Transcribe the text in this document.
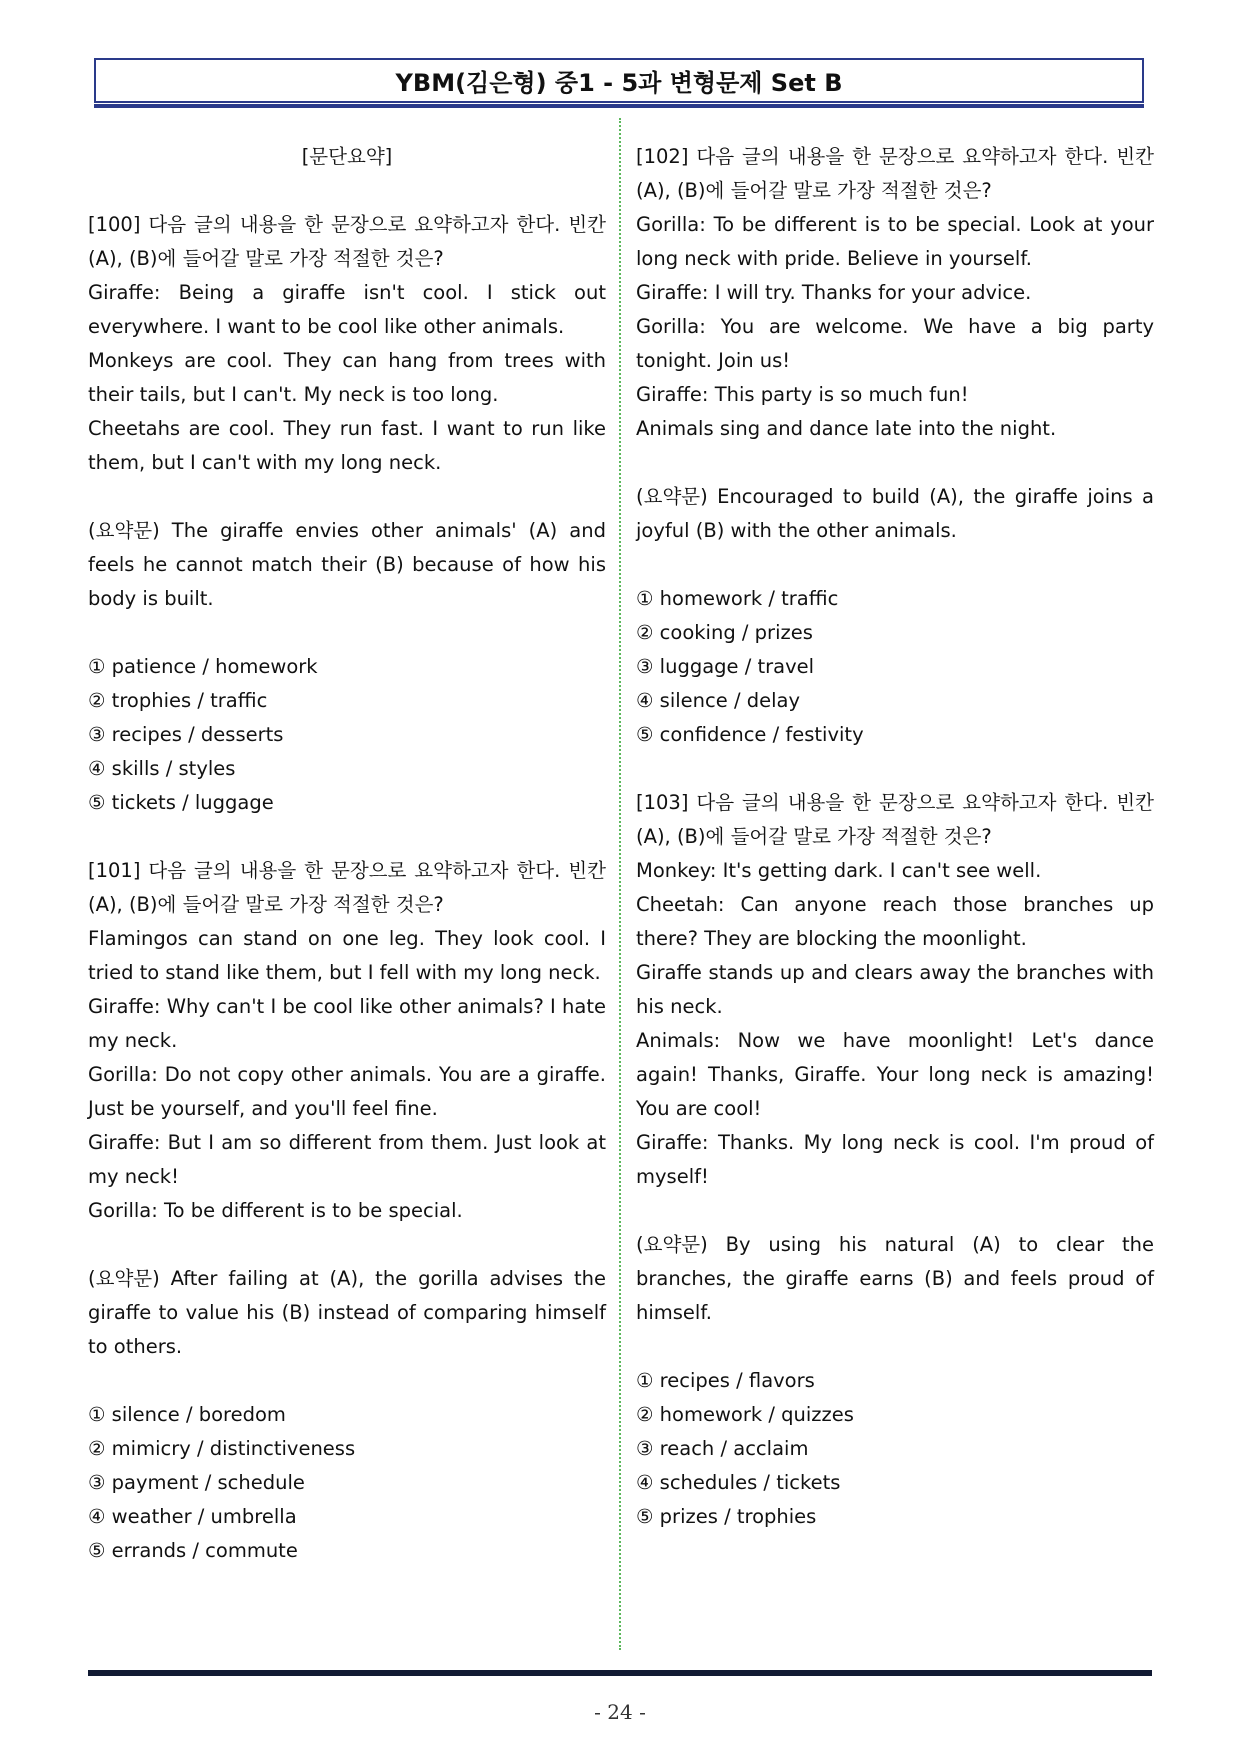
YBM(김은형) 중1 - 5과 변형문제 Set B

[문단요약]

[100] 다음 글의 내용을 한 문장으로 요약하고자 한다. 빈칸 (A), (B)에 들어갈 말로 가장 적절한 것은?

Giraffe: Being a giraffe isn't cool. I stick out everywhere. I want to be cool like other animals.

Monkeys are cool. They can hang from trees with their tails, but I can't. My neck is too long.

Cheetahs are cool. They run fast. I want to run like them, but I can't with my long neck.

(요약문) The giraffe envies other animals' (A) and feels he cannot match their (B) because of how his body is built.

① patience / homework

② trophies / traffic

③ recipes / desserts

④ skills / styles

⑤ tickets / luggage

[101] 다음 글의 내용을 한 문장으로 요약하고자 한다. 빈칸 (A), (B)에 들어갈 말로 가장 적절한 것은?

Flamingos can stand on one leg. They look cool. I tried to stand like them, but I fell with my long neck.

Giraffe: Why can't I be cool like other animals? I hate my neck.

Gorilla: Do not copy other animals. You are a giraffe. Just be yourself, and you'll feel fine.

Giraffe: But I am so different from them. Just look at my neck!

Gorilla: To be different is to be special.

(요약문) After failing at (A), the gorilla advises the giraffe to value his (B) instead of comparing himself to others.

① silence / boredom

② mimicry / distinctiveness

③ payment / schedule

④ weather / umbrella

⑤ errands / commute

[102] 다음 글의 내용을 한 문장으로 요약하고자 한다. 빈칸 (A), (B)에 들어갈 말로 가장 적절한 것은?

Gorilla: To be different is to be special. Look at your long neck with pride. Believe in yourself.

Giraffe: I will try. Thanks for your advice.

Gorilla: You are welcome. We have a big party tonight. Join us!

Giraffe: This party is so much fun!

Animals sing and dance late into the night.

(요약문) Encouraged to build (A), the giraffe joins a joyful (B) with the other animals.

① homework / traffic

② cooking / prizes

③ luggage / travel

④ silence / delay

⑤ confidence / festivity

[103] 다음 글의 내용을 한 문장으로 요약하고자 한다. 빈칸 (A), (B)에 들어갈 말로 가장 적절한 것은?

Monkey: It's getting dark. I can't see well.

Cheetah: Can anyone reach those branches up there? They are blocking the moonlight.

Giraffe stands up and clears away the branches with his neck.

Animals: Now we have moonlight! Let's dance again! Thanks, Giraffe. Your long neck is amazing! You are cool!

Giraffe: Thanks. My long neck is cool. I'm proud of myself!

(요약문) By using his natural (A) to clear the branches, the giraffe earns (B) and feels proud of himself.

① recipes / flavors

② homework / quizzes

③ reach / acclaim

④ schedules / tickets

⑤ prizes / trophies

- 24 -
